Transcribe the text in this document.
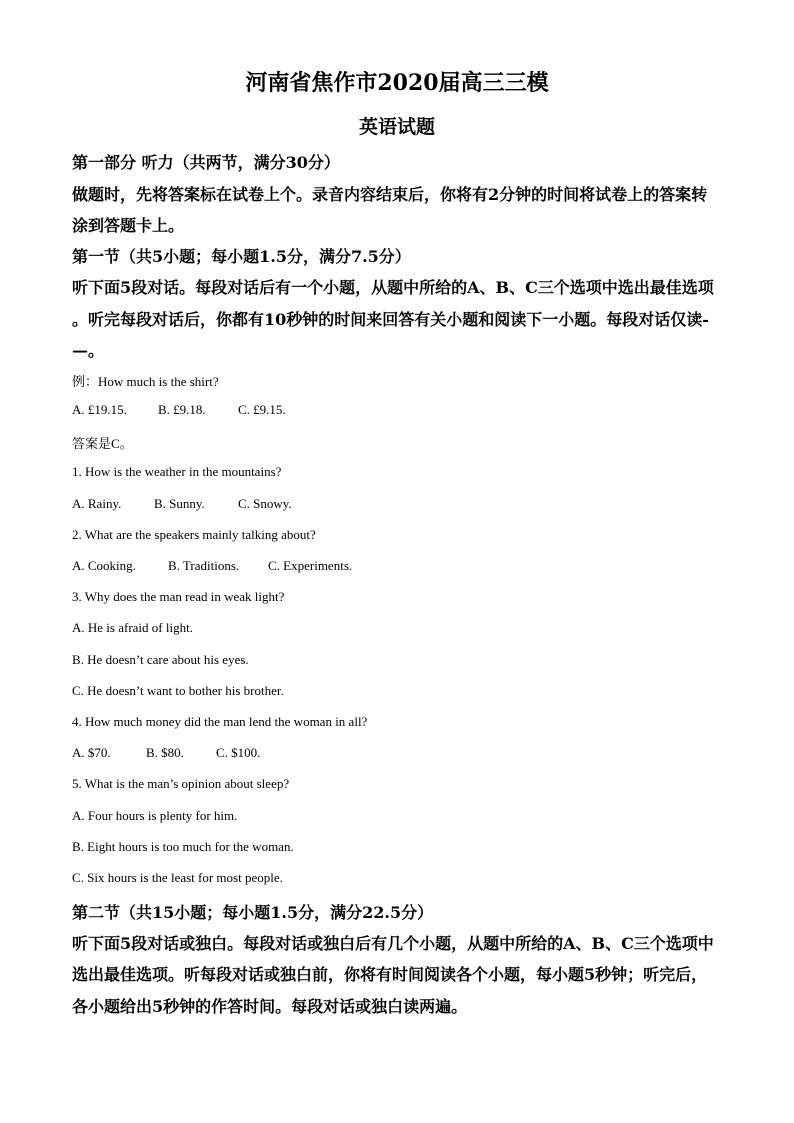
河南省焦作市2020届高三三模
英语试题
第一部分 听力（共两节，满分30分）
做题时，先将答案标在试卷上个。录音内容结束后，你将有2分钟的时间将试卷上的答案转
涂到答题卡上。
第一节（共5小题；每小题1.5分，满分7.5分）
听下面5段对话。每段对话后有一个小题，从题中所给的A、B、C三个选项中选出最佳选项
。听完每段对话后，你都有10秒钟的时间来回答有关小题和阅读下一小题。每段对话仅读-
—。
例：How much is the shirt?
A. £19.15. B. £9.18. C. £9.15.
答案是C。
1. How is the weather in the mountains?
A. Rainy.	B. Sunny.	C. Snowy.
2. What are the speakers mainly talking about?
A. Cooking. B. Traditions. C. Experiments.
3. Why does the man read in weak light?
A. He is afraid of light.
B. He doesn’t care about his eyes.
C. He doesn’t want to bother his brother.
4. How much money did the man lend the woman in all?
A. $70.	B. $80. C. $100.
5. What is the man’s opinion about sleep?
A. Four hours is plenty for him.
B. Eight hours is too much for the woman.
C. Six hours is the least for most people.
第二节（共15小题；每小题1.5分，满分22.5分）
听下面5段对话或独白。每段对话或独白后有几个小题，从题中所给的A、B、C三个选项中
选出最佳选项。听每段对话或独白前，你将有时间阅读各个小题，每小题5秒钟；听完后，
各小题给出5秒钟的作答时间。每段对话或独白读两遍。
